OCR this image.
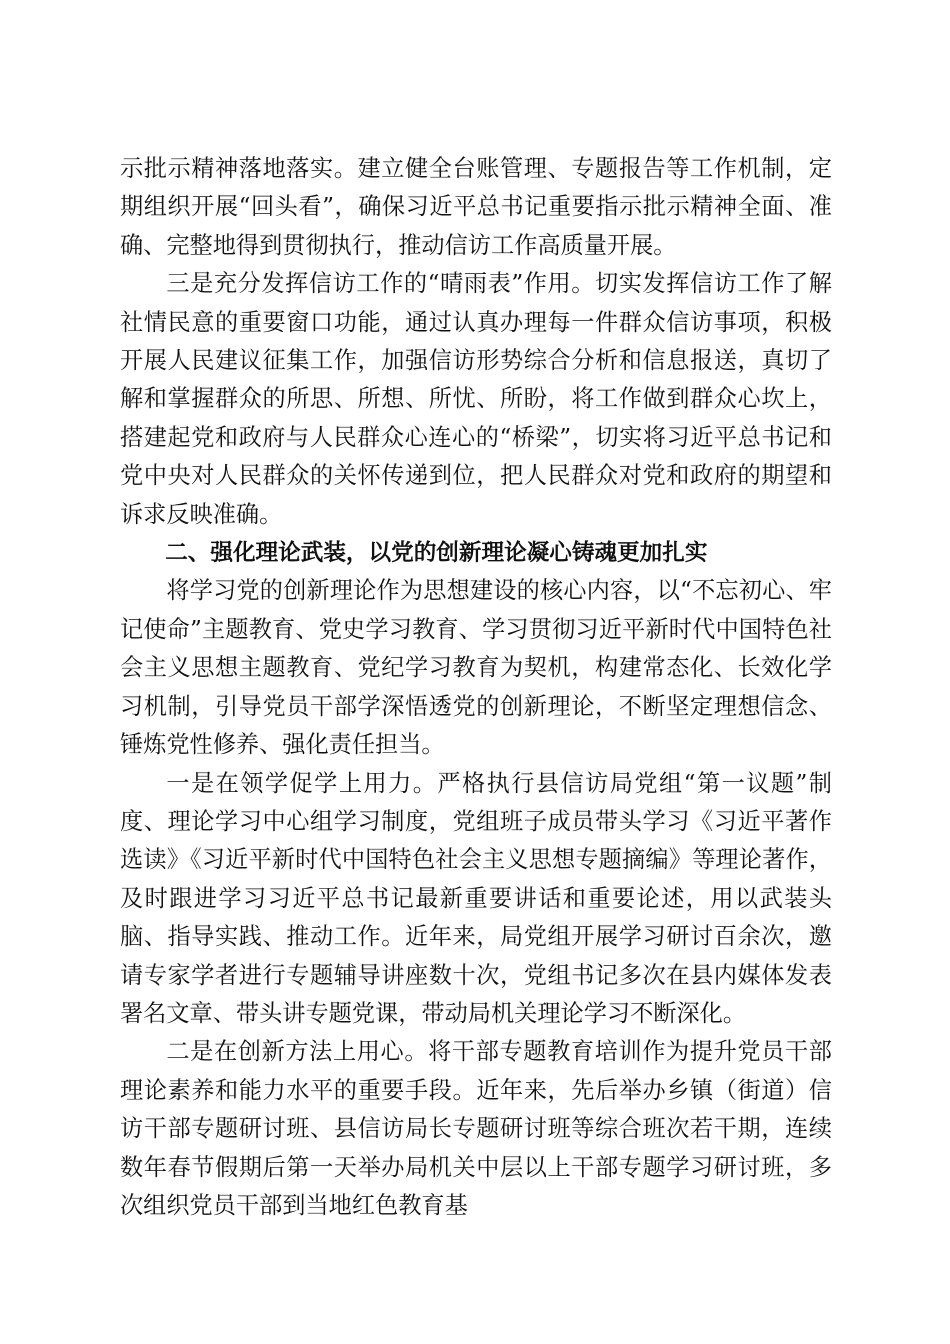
示批示精神落地落实。建立健全台账管理、专题报告等工作机制，定期组织开展“回头看”，确保习近平总书记重要指示批示精神全面、准确、完整地得到贯彻执行，推动信访工作高质量开展。

三是充分发挥信访工作的“晴雨表”作用。切实发挥信访工作了解社情民意的重要窗口功能，通过认真办理每一件群众信访事项，积极开展人民建议征集工作，加强信访形势综合分析和信息报送，真切了解和掌握群众的所思、所想、所忧、所盼，将工作做到群众心坎上，搭建起党和政府与人民群众心连心的“桥梁”，切实将习近平总书记和党中央对人民群众的关怀传递到位，把人民群众对党和政府的期望和诉求反映准确。

二、强化理论武装，以党的创新理论凝心铸魂更加扎实

将学习党的创新理论作为思想建设的核心内容，以“不忘初心、牢记使命”主题教育、党史学习教育、学习贯彻习近平新时代中国特色社会主义思想主题教育、党纪学习教育为契机，构建常态化、长效化学习机制，引导党员干部学深悟透党的创新理论，不断坚定理想信念、锤炼党性修养、强化责任担当。

一是在领学促学上用力。严格执行县信访局党组“第一议题”制度、理论学习中心组学习制度，党组班子成员带头学习《习近平著作选读》《习近平新时代中国特色社会主义思想专题摘编》等理论著作，及时跟进学习习近平总书记最新重要讲话和重要论述，用以武装头脑、指导实践、推动工作。近年来，局党组开展学习研讨百余次，邀请专家学者进行专题辅导讲座数十次，党组书记多次在县内媒体发表署名文章、带头讲专题党课，带动局机关理论学习不断深化。

二是在创新方法上用心。将干部专题教育培训作为提升党员干部理论素养和能力水平的重要手段。近年来，先后举办乡镇（街道）信访干部专题研讨班、县信访局长专题研讨班等综合班次若干期，连续数年春节假期后第一天举办局机关中层以上干部专题学习研讨班，多次组织党员干部到当地红色教育基
